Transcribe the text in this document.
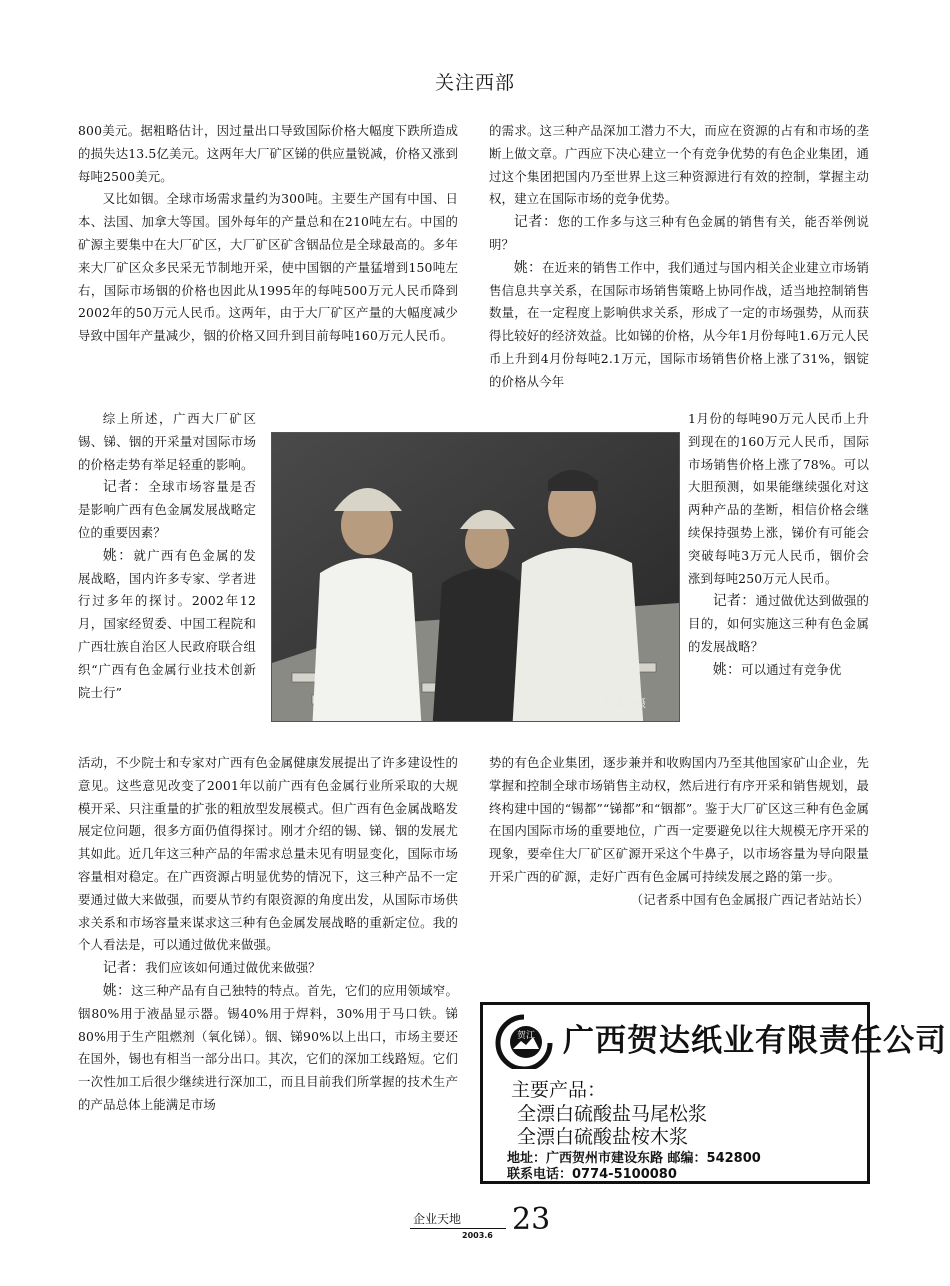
关注西部

800美元。据粗略估计，因过量出口导致国际价格大幅度下跌所造成的损失达13.5亿美元。这两年大厂矿区锑的供应量锐减，价格又涨到每吨2500美元。

又比如铟。全球市场需求量约为300吨。主要生产国有中国、日本、法国、加拿大等国。国外每年的产量总和在210吨左右。中国的矿源主要集中在大厂矿区，大厂矿区矿含铟品位是全球最高的。多年来大厂矿区众多民采无节制地开采，使中国铟的产量猛增到150吨左右，国际市场铟的价格也因此从1995年的每吨500万元人民币降到2002年的50万元人民币。这两年，由于大厂矿区产量的大幅度减少导致中国年产量减少，铟的价格又回升到目前每吨160万元人民币。

的需求。这三种产品深加工潜力不大，而应在资源的占有和市场的垄断上做文章。广西应下决心建立一个有竞争优势的有色企业集团，通过这个集团把国内乃至世界上这三种资源进行有效的控制，掌握主动权，建立在国际市场的竞争优势。

记者：您的工作多与这三种有色金属的销售有关，能否举例说明？

姚：在近来的销售工作中，我们通过与国内相关企业建立市场销售信息共享关系，在国际市场销售策略上协同作战，适当地控制销售数量，在一定程度上影响供求关系，形成了一定的市场强势，从而获得比较好的经济效益。比如锑的价格，从今年1月份每吨1.6万元人民币上升到4月份每吨2.1万元，国际市场销售价格上涨了31%，铟锭的价格从今年

综上所述，广西大厂矿区锡、锑、铟的开采量对国际市场的价格走势有举足轻重的影响。

记者：全球市场容量是否是影响广西有色金属发展战略定位的重要因素？

姚：就广西有色金属的发展战略，国内许多专家、学者进行过多年的探讨。2002年12月，国家经贸委、中国工程院和广西壮族自治区人民政府联合组织“广西有色金属行业技术创新院士行”

韦继明摄

1月份的每吨90万元人民币上升到现在的160万元人民币，国际市场销售价格上涨了78%。可以大胆预测，如果能继续强化对这两种产品的垄断，相信价格会继续保持强势上涨，锑价有可能会突破每吨3万元人民币，铟价会涨到每吨250万元人民币。

记者：通过做优达到做强的目的，如何实施这三种有色金属的发展战略？

姚：可以通过有竞争优

活动，不少院士和专家对广西有色金属健康发展提出了许多建设性的意见。这些意见改变了2001年以前广西有色金属行业所采取的大规模开采、只注重量的扩张的粗放型发展模式。但广西有色金属战略发展定位问题，很多方面仍值得探讨。刚才介绍的锡、锑、铟的发展尤其如此。近几年这三种产品的年需求总量未见有明显变化，国际市场容量相对稳定。在广西资源占明显优势的情况下，这三种产品不一定要通过做大来做强，而要从节约有限资源的角度出发，从国际市场供求关系和市场容量来谋求这三种有色金属发展战略的重新定位。我的个人看法是，可以通过做优来做强。

记者：我们应该如何通过做优来做强？

姚：这三种产品有自己独特的特点。首先，它们的应用领域窄。铟80%用于液晶显示器。锡40%用于焊料，30%用于马口铁。锑80%用于生产阻燃剂（氧化锑）。铟、锑90%以上出口，市场主要还在国外，锡也有相当一部分出口。其次，它们的深加工线路短。它们一次性加工后很少继续进行深加工，而且目前我们所掌握的技术生产的产品总体上能满足市场

势的有色企业集团，逐步兼并和收购国内乃至其他国家矿山企业，先掌握和控制全球市场销售主动权，然后进行有序开采和销售规划，最终构建中国的“锡都”“锑都”和“铟都”。鉴于大厂矿区这三种有色金属在国内国际市场的重要地位，广西一定要避免以往大规模无序开采的现象，要牵住大厂矿区矿源开采这个牛鼻子，以市场容量为导向限量开采广西的矿源，走好广西有色金属可持续发展之路的第一步。

（记者系中国有色金属报广西记者站站长）

贺江 广西贺达纸业有限责任公司
主要产品：
全漂白硫酸盐马尾松浆
全漂白硫酸盐桉木浆
地址：广西贺州市建设东路 邮编：542800
联系电话：0774-5100080
企业天地
2003.6 23
